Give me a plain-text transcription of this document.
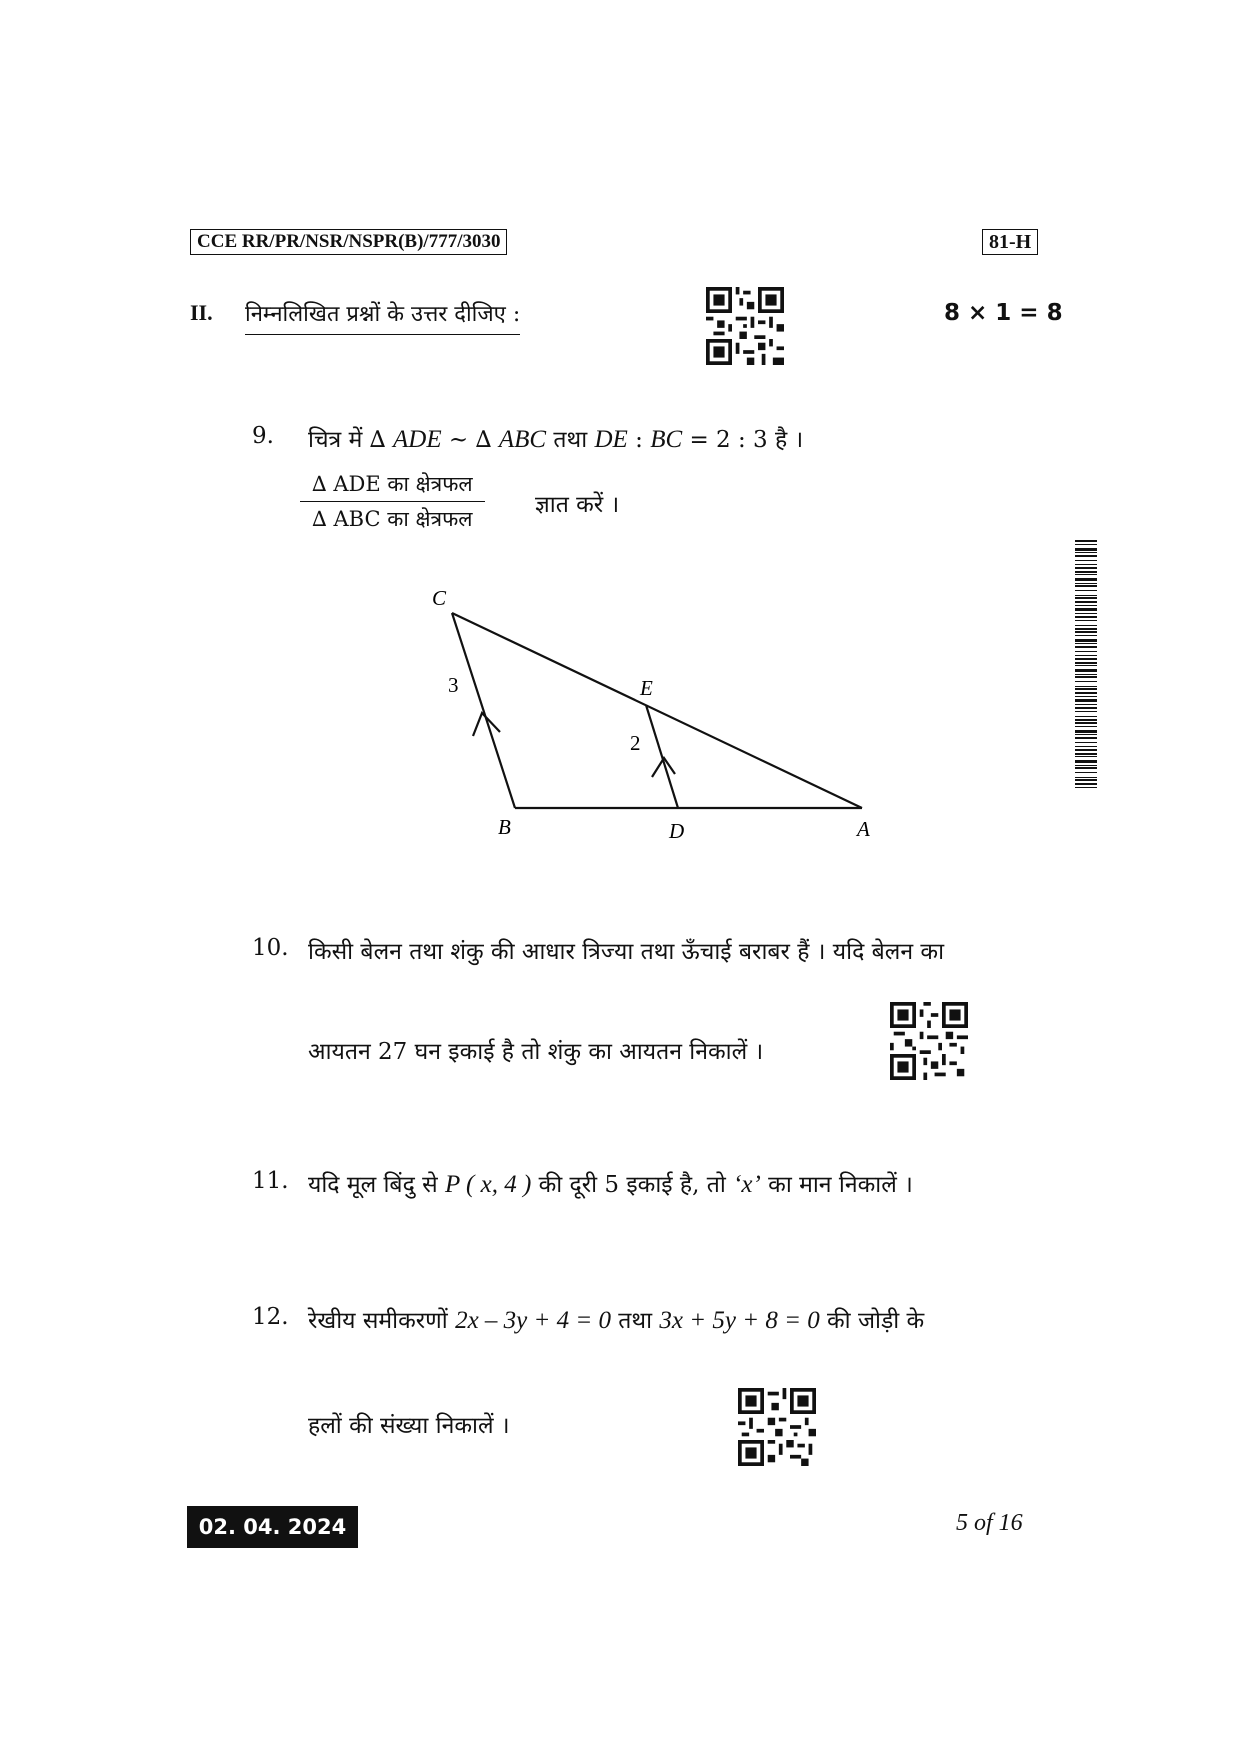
CCE RR/PR/NSR/NSPR(B)/777/3030	81-H
II. निम्नलिखित प्रश्नों के उत्तर दीजिए :	8 × 1 = 8
9. चित्र में ∆ ADE ~ ∆ ABC तथा DE : BC = 2 : 3 है ।
∆ ADE का क्षेत्रफल
∆ ABC का क्षेत्रफल
ज्ञात करें ।
C
E
B	D	A
3
2
10. किसी बेलन तथा शंकु की आधार त्रिज्या तथा ऊँचाई बराबर हैं । यदि बेलन का
आयतन 27 घन इकाई है तो शंकु का आयतन निकालें ।
11. यदि मूल बिंदु से P ( x, 4 ) की दूरी 5 इकाई है, तो ‘x’ का मान निकालें ।
12. रेखीय समीकरणों 2x – 3y + 4 = 0 तथा 3x + 5y + 8 = 0 की जोड़ी के
हलों की संख्या निकालें ।
02. 04. 2024	5 of 16
